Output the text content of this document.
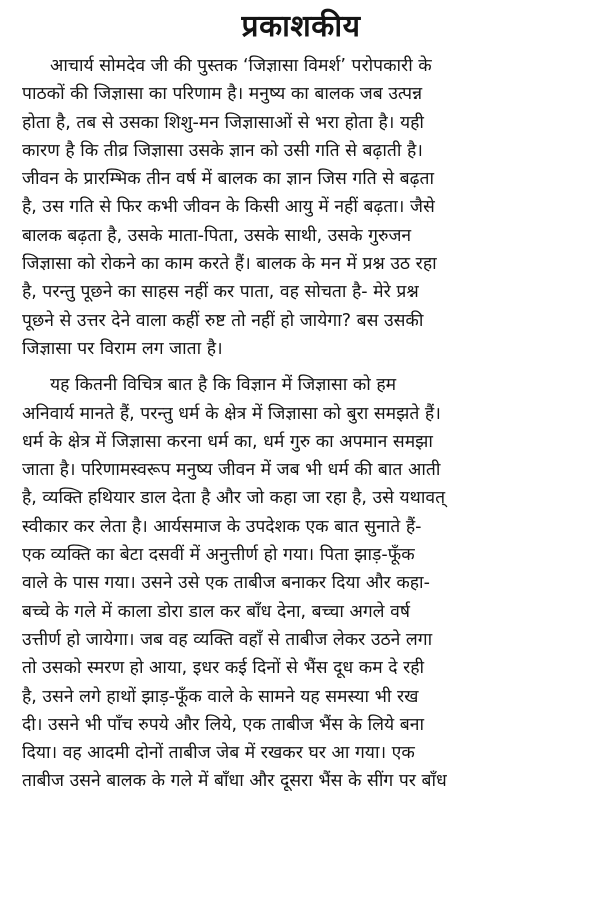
प्रकाशकीय

आचार्य सोमदेव जी की पुस्तक ‘जिज्ञासा विमर्श’ परोपकारी के
पाठकों की जिज्ञासा का परिणाम है। मनुष्य का बालक जब उत्पन्न
होता है, तब से उसका शिशु-मन जिज्ञासाओं से भरा होता है। यही
कारण है कि तीव्र जिज्ञासा उसके ज्ञान को उसी गति से बढ़ाती है।
जीवन के प्रारम्भिक तीन वर्ष में बालक का ज्ञान जिस गति से बढ़ता
है, उस गति से फिर कभी जीवन के किसी आयु में नहीं बढ़ता। जैसे
बालक बढ़ता है, उसके माता-पिता, उसके साथी, उसके गुरुजन
जिज्ञासा को रोकने का काम करते हैं। बालक के मन में प्रश्न उठ रहा
है, परन्तु पूछने का साहस नहीं कर पाता, वह सोचता है- मेरे प्रश्न
पूछने से उत्तर देने वाला कहीं रुष्ट तो नहीं हो जायेगा? बस उसकी
जिज्ञासा पर विराम लग जाता है।

यह कितनी विचित्र बात है कि विज्ञान में जिज्ञासा को हम
अनिवार्य मानते हैं, परन्तु धर्म के क्षेत्र में जिज्ञासा को बुरा समझते हैं।
धर्म के क्षेत्र में जिज्ञासा करना धर्म का, धर्म गुरु का अपमान समझा
जाता है। परिणामस्वरूप मनुष्य जीवन में जब भी धर्म की बात आती
है, व्यक्ति हथियार डाल देता है और जो कहा जा रहा है, उसे यथावत्
स्वीकार कर लेता है। आर्यसमाज के उपदेशक एक बात सुनाते हैं-
एक व्यक्ति का बेटा दसवीं में अनुत्तीर्ण हो गया। पिता झाड़-फूँक
वाले के पास गया। उसने उसे एक ताबीज बनाकर दिया और कहा-
बच्चे के गले में काला डोरा डाल कर बाँध देना, बच्चा अगले वर्ष
उत्तीर्ण हो जायेगा। जब वह व्यक्ति वहाँ से ताबीज लेकर उठने लगा
तो उसको स्मरण हो आया, इधर कई दिनों से भैंस दूध कम दे रही
है, उसने लगे हाथों झाड़-फूँक वाले के सामने यह समस्या भी रख
दी। उसने भी पाँच रुपये और लिये, एक ताबीज भैंस के लिये बना
दिया। वह आदमी दोनों ताबीज जेब में रखकर घर आ गया। एक
ताबीज उसने बालक के गले में बाँधा और दूसरा भैंस के सींग पर बाँध
